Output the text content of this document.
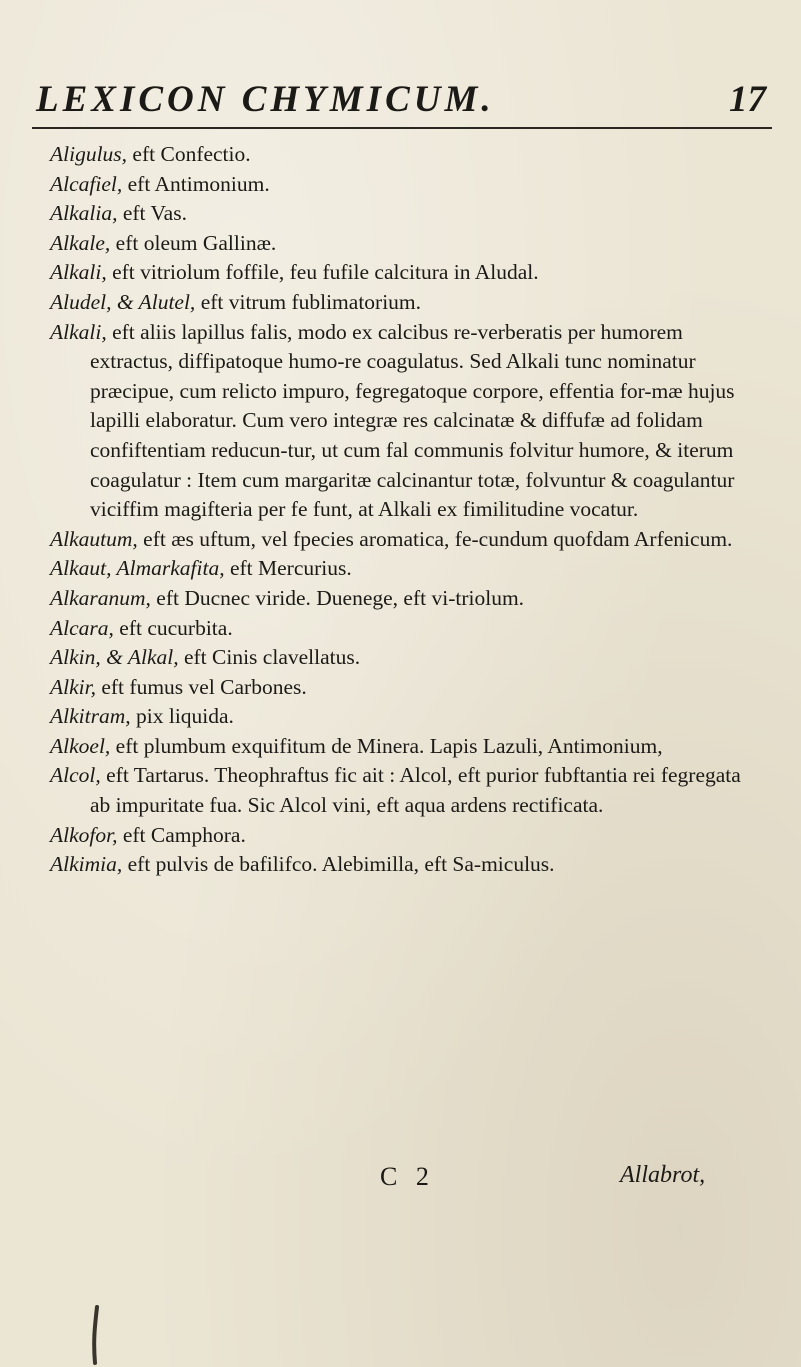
LEXICON CHYMICUM.	17
Aligulus, eft Confectio.
Alcafiel, eft Antimonium.
Alkalia, eft Vas.
Alkale, eft oleum Gallinæ.
Alkali, eft vitriolum foffile, feu fufile calcitura in Aludal.
Aludel, & Alutel, eft vitrum fublimatorium.
Alkali, eft aliis lapillus falis, modo ex calcibus re-verberatis per humorem extractus, diffipatoque humo-re coagulatus. Sed Alkali tunc nominatur præcipue, cum relicto impuro, fegregatoque corpore, effentia for-mæ hujus lapilli elaboratur. Cum vero integræ res calcinatæ & diffufæ ad folidam confiftentiam reducun-tur, ut cum fal communis folvitur humore, & iterum coagulatur : Item cum margaritæ calcinantur totæ, folvuntur & coagulantur viciffim magifteria per fe funt, at Alkali ex fimilitudine vocatur.
Alkautum, eft æs uftum, vel fpecies aromatica, fe-cundum quofdam Arfenicum.
Alkaut, Almarkafita, eft Mercurius.
Alkaranum, eft Ducnec viride. Duenege, eft vi-triolum.
Alcara, eft cucurbita.
Alkin, & Alkal, eft Cinis clavellatus.
Alkir, eft fumus vel Carbones.
Alkitram, pix liquida.
Alkoel, eft plumbum exquifitum de Minera. Lapis Lazuli, Antimonium,
Alcol, eft Tartarus. Theophraftus fic ait : Alcol, eft purior fubftantia rei fegregata ab impuritate fua. Sic Alcol vini, eft aqua ardens rectificata.
Alkofor, eft Camphora.
Alkimia, eft pulvis de bafilifco. Alebimilla, eft Sa-miculus.
C 2	Allabrot,
